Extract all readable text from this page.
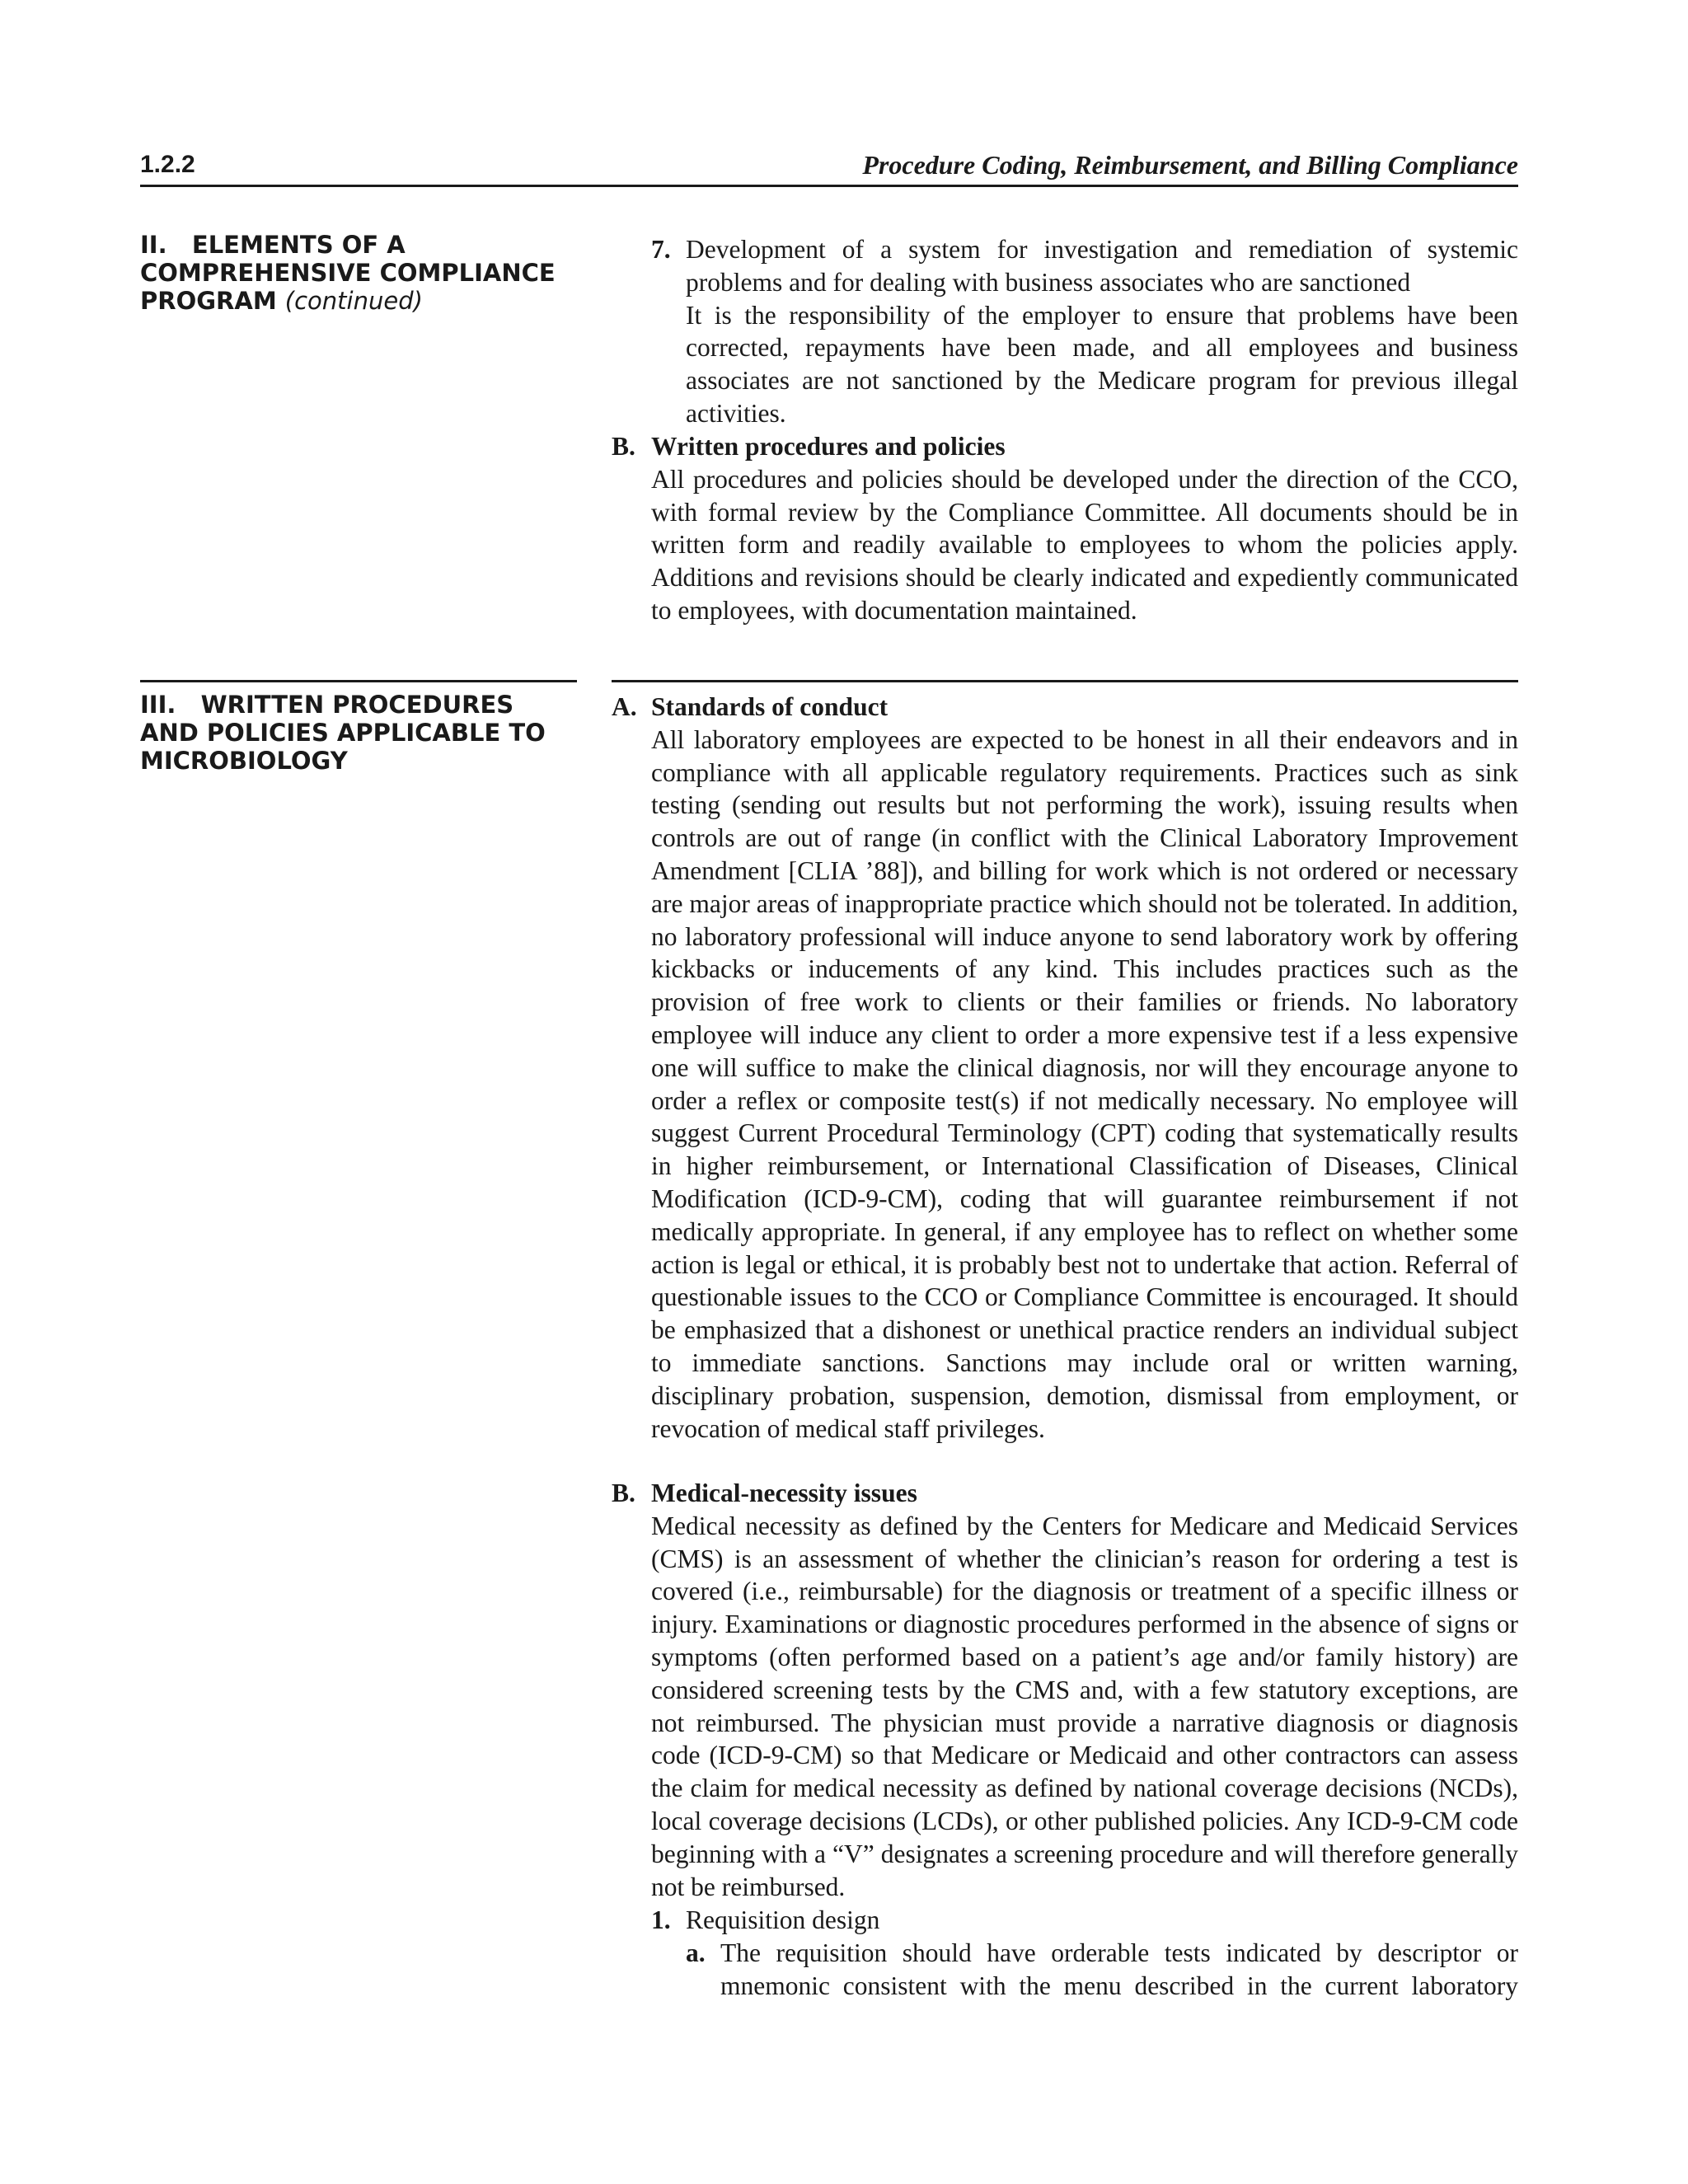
1.2.2	Procedure Coding, Reimbursement, and Billing Compliance
II.   ELEMENTS OF A
COMPREHENSIVE COMPLIANCE
PROGRAM (continued)
7. Development of a system for investigation and remediation of systemic problems and for dealing with business associates who are sanctioned

It is the responsibility of the employer to ensure that problems have been corrected, repayments have been made, and all employees and business associates are not sanctioned by the Medicare program for previous illegal activities.

B. Written procedures and policies

All procedures and policies should be developed under the direction of the CCO, with formal review by the Compliance Committee. All documents should be in written form and readily available to employees to whom the policies apply. Additions and revisions should be clearly indicated and expediently communicated to employees, with documentation maintained.

III.   WRITTEN PROCEDURES
AND POLICIES APPLICABLE TO
MICROBIOLOGY
A. Standards of conduct

All laboratory employees are expected to be honest in all their endeavors and in compliance with all applicable regulatory requirements. Practices such as sink testing (sending out results but not performing the work), issuing results when controls are out of range (in conflict with the Clinical Laboratory Improvement Amendment [CLIA ’88]), and billing for work which is not ordered or necessary are major areas of inappropriate practice which should not be tolerated. In addition, no laboratory professional will induce anyone to send laboratory work by offering kickbacks or inducements of any kind. This includes practices such as the provision of free work to clients or their families or friends. No laboratory employee will induce any client to order a more expensive test if a less expensive one will suffice to make the clinical diagnosis, nor will they encourage anyone to order a reflex or composite test(s) if not medically necessary. No employee will suggest Current Procedural Terminology (CPT) coding that systematically results in higher reimbursement, or International Classification of Diseases, Clinical Modification (ICD-9-CM), coding that will guarantee reimbursement if not medically appropriate. In general, if any employee has to reflect on whether some action is legal or ethical, it is probably best not to undertake that action. Referral of questionable issues to the CCO or Compliance Committee is encouraged. It should be emphasized that a dishonest or unethical practice renders an individual subject to immediate sanctions. Sanctions may include oral or written warning, disciplinary probation, suspension, demotion, dismissal from employment, or revocation of medical staff privileges.

B. Medical-necessity issues

Medical necessity as defined by the Centers for Medicare and Medicaid Services (CMS) is an assessment of whether the clinician’s reason for ordering a test is covered (i.e., reimbursable) for the diagnosis or treatment of a specific illness or injury. Examinations or diagnostic procedures performed in the absence of signs or symptoms (often performed based on a patient’s age and/or family history) are considered screening tests by the CMS and, with a few statutory exceptions, are not reimbursed. The physician must provide a narrative diagnosis or diagnosis code (ICD-9-CM) so that Medicare or Medicaid and other contractors can assess the claim for medical necessity as defined by national coverage decisions (NCDs), local coverage decisions (LCDs), or other published policies. Any ICD-9-CM code beginning with a “V” designates a screening procedure and will therefore generally not be reimbursed.

1. Requisition design

a. The requisition should have orderable tests indicated by descriptor or mnemonic consistent with the menu described in the current laboratory
